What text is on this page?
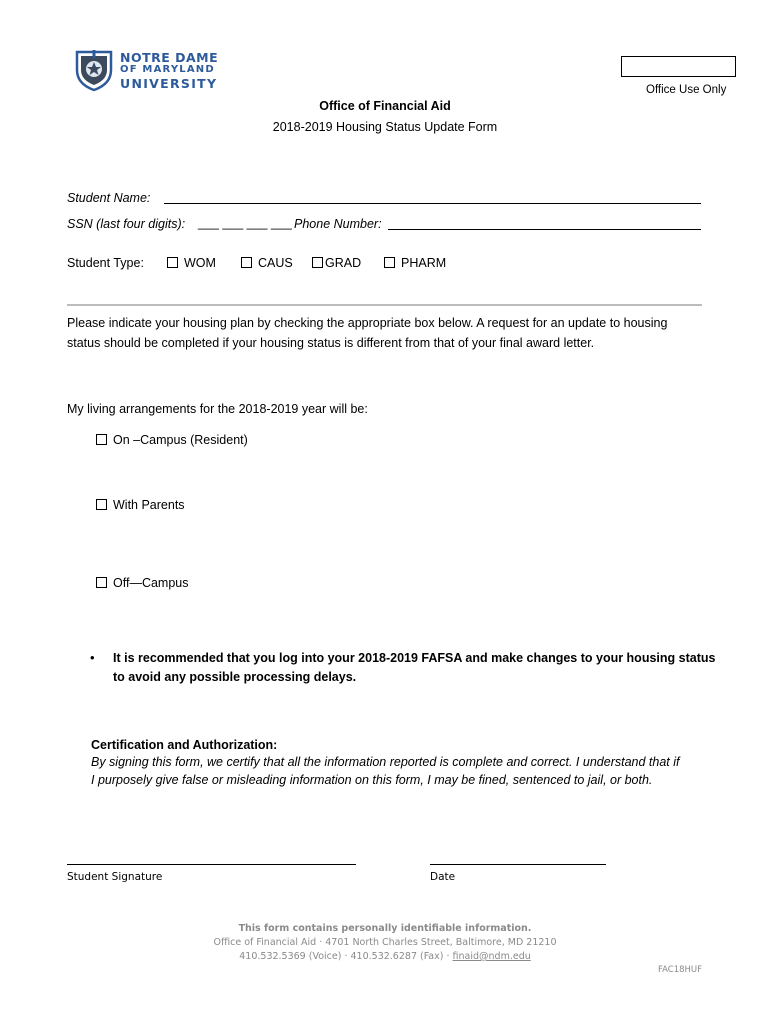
NOTRE DAME
OF MARYLAND
UNIVERSITY	Office Use Only
Office of Financial Aid
2018-2019 Housing Status Update Form
Student Name:
SSN (last four digits): ___ ___ ___ ___ Phone Number:
Student Type:	WOM	CAUS	GRAD	PHARM
Please indicate your housing plan by checking the appropriate box below. A request for an update to housing
status should be completed if your housing status is different from that of your final award letter.
My living arrangements for the 2018-2019 year will be:
On –Campus (Resident)
With Parents
Off—Campus
• It is recommended that you log into your 2018-2019 FAFSA and make changes to your housing status
to avoid any possible processing delays.
Certification and Authorization:
By signing this form, we certify that all the information reported is complete and correct. I understand that if
I purposely give false or misleading information on this form, I may be fined, sentenced to jail, or both.
Student Signature	Date
This form contains personally identifiable information.
Office of Financial Aid · 4701 North Charles Street, Baltimore, MD 21210
410.532.5369 (Voice) · 410.532.6287 (Fax) · finaid@ndm.edu
FAC18HUF
